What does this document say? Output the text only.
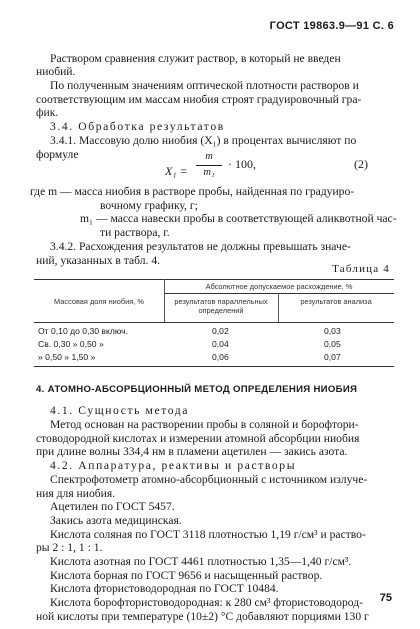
ГОСТ 19863.9—91 С. 6
Раствором сравнения служит раствор, в который не введен
ниобий.
По полученным значениям оптической плотности растворов и
соответствующим им массам ниобия строят градуировочный гра-
фик.
3.4. Обработка результатов
3.4.1. Массовую долю ниобия (X₁) в процентах вычисляют по
формуле
X₁ =
m
m₁
· 100,	(2)
где m — масса ниобия в растворе пробы, найденная по градуиро-
вочному графику, г;
m₁ — масса навески пробы в соответствующей аликвотной час-
ти раствора, г.
3.4.2. Расхождения результатов не должны превышать значе-
ний, указанных в табл. 4.
Таблица 4
Массовая доля ниобия, %
Абсолютное допускаемое расхождение, %
результатов параллельных определений
результатов анализа
От 0,10 до 0,30 включ.	0,02	0,03
Св. 0,30 » 0,50 »	0,04	0,05
» 0,50 » 1,50 »	0,06	0,07
4. АТОМНО-АБСОРБЦИОННЫЙ МЕТОД ОПРЕДЕЛЕНИЯ НИОБИЯ
4.1. Сущность метода
Метод основан на растворении пробы в соляной и борофтори-
стоводородной кислотах и измерении атомной абсорбции ниобия
при длине волны 334,4 нм в пламени ацетилен — закись азота.
4.2. Аппаратура, реактивы и растворы
Спектрофотометр атомно-абсорбционный с источником излуче-
ния для ниобия.
Ацетилен по ГОСТ 5457.
Закись азота медицинская.
Кислота соляная по ГОСТ 3118 плотностью 1,19 г/см³ и раство-
ры 2 : 1, 1 : 1.
Кислота азотная по ГОСТ 4461 плотностью 1,35—1,40 г/см³.
Кислота борная по ГОСТ 9656 и насыщенный раствор.
Кислота фтористоводородная по ГОСТ 10484.
Кислота борофтористоводородная: к 280 см³ фтористоводород-
ной кислоты при температуре (10±2) °С добавляют порциями 130 г
75
